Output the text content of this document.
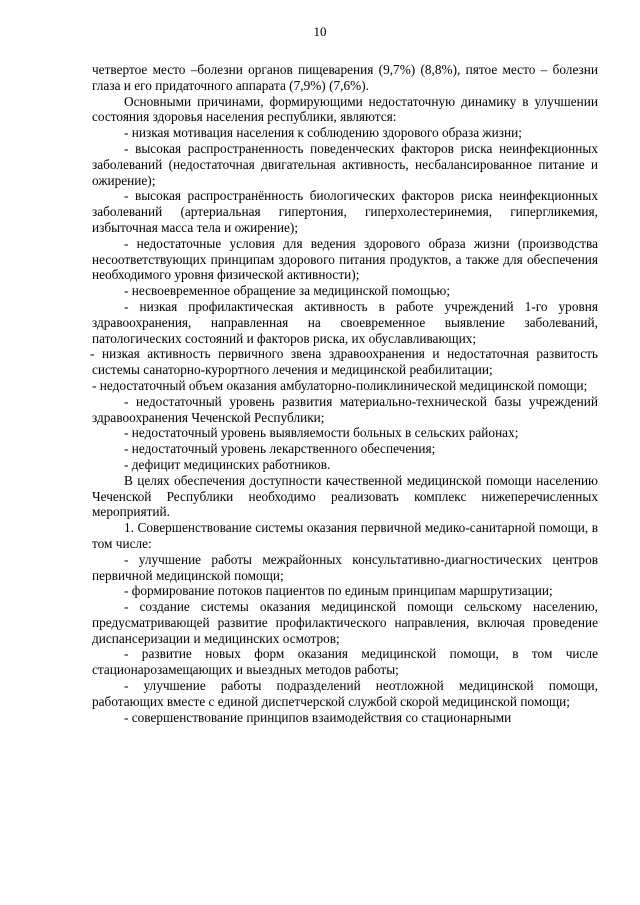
10

четвертое место –болезни органов пищеварения (9,7%) (8,8%), пятое место – болезни глаза и его придаточного аппарата (7,9%) (7,6%).

Основными причинами, формирующими недостаточную динамику в улучшении состояния здоровья населения республики, являются:

- низкая мотивация населения к соблюдению здорового образа жизни;

- высокая распространенность поведенческих факторов риска неинфекционных заболеваний (недостаточная двигательная активность, несбалансированное питание и ожирение);

- высокая распространённость биологических факторов риска неинфекционных заболеваний (артериальная гипертония, гиперхолестеринемия, гипергликемия, избыточная масса тела и ожирение);

- недостаточные условия для ведения здорового образа жизни (производства несоответствующих принципам здорового питания продуктов, а также для обеспечения необходимого уровня физической активности);

- несвоевременное обращение за медицинской помощью;

- низкая профилактическая активность в работе учреждений 1-го уровня здравоохранения, направленная на своевременное выявление заболеваний, патологических состояний и факторов риска, их обуславливающих;

- низкая активность первичного звена здравоохранения и недостаточная развитость системы санаторно-курортного лечения и медицинской реабилитации;

- недостаточный объем оказания амбулаторно-поликлинической медицинской помощи;

- недостаточный уровень развития материально-технической базы учреждений здравоохранения Чеченской Республики;

- недостаточный уровень выявляемости больных в сельских районах;

- недостаточный уровень лекарственного обеспечения;

- дефицит медицинских работников.

В целях обеспечения доступности качественной медицинской помощи населению Чеченской Республики необходимо реализовать комплекс нижеперечисленных мероприятий.

1. Совершенствование системы оказания первичной медико-санитарной помощи, в том числе:

- улучшение работы межрайонных консультативно-диагностических центров первичной медицинской помощи;

- формирование потоков пациентов по единым принципам маршрутизации;

- создание системы оказания медицинской помощи сельскому населению, предусматривающей развитие профилактического направления, включая проведение диспансеризации и медицинских осмотров;

- развитие новых форм оказания медицинской помощи, в том числе стационарозамещающих и выездных методов работы;

- улучшение работы подразделений неотложной медицинской помощи, работающих вместе с единой диспетчерской службой скорой медицинской помощи;

- совершенствование принципов взаимодействия со стационарными
